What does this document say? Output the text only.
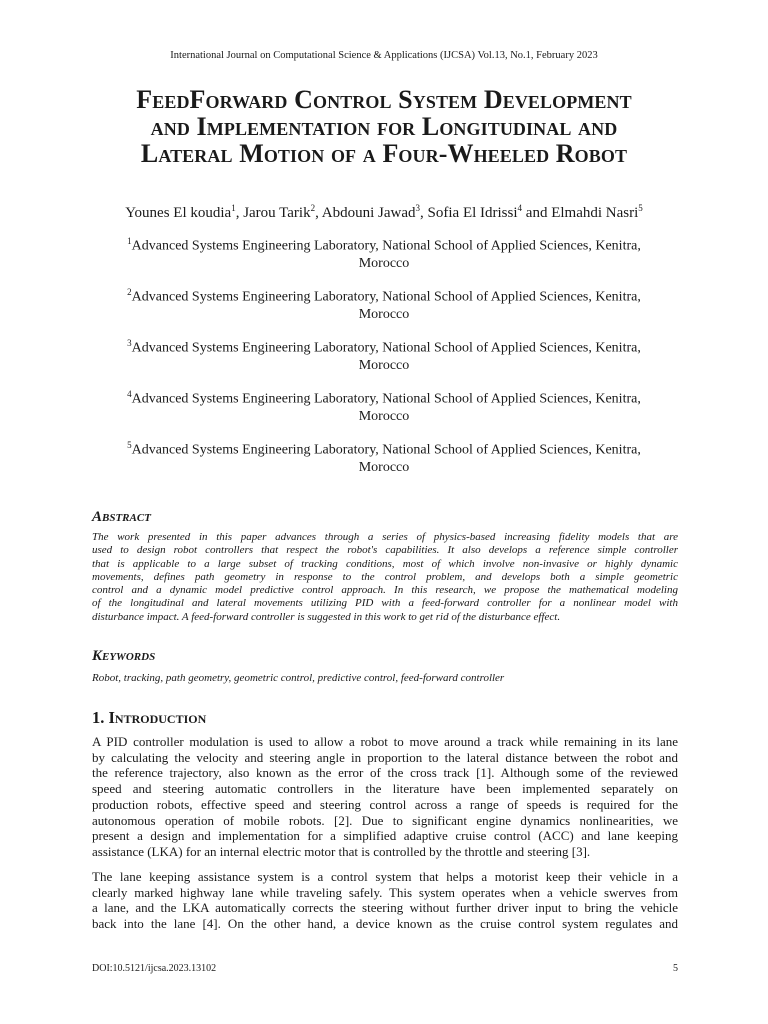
International Journal on Computational Science & Applications (IJCSA) Vol.13, No.1, February 2023
FeedForward Control System Development
and Implementation for Longitudinal and
Lateral Motion of a Four-Wheeled Robot
Younes El koudia$^1$, Jarou Tarik$^2$, Abdouni Jawad$^3$, Sofia El Idrissi$^4$ and Elmahdi Nasri$^5$
$^1$Advanced Systems Engineering Laboratory, National School of Applied Sciences, Kenitra,
Morocco
$^2$Advanced Systems Engineering Laboratory, National School of Applied Sciences, Kenitra,
Morocco
$^3$Advanced Systems Engineering Laboratory, National School of Applied Sciences, Kenitra,
Morocco
$^4$Advanced Systems Engineering Laboratory, National School of Applied Sciences, Kenitra,
Morocco
$^5$Advanced Systems Engineering Laboratory, National School of Applied Sciences, Kenitra,
Morocco
Abstract
The work presented in this paper advances through a series of physics-based increasing fidelity models that are
used to design robot controllers that respect the robot's capabilities. It also develops a reference simple controller
that is applicable to a large subset of tracking conditions, most of which involve non-invasive or highly dynamic
movements, defines path geometry in response to the control problem, and develops both a simple geometric
control and a dynamic model predictive control approach. In this research, we propose the mathematical modeling
of the longitudinal and lateral movements utilizing PID with a feed-forward controller for a nonlinear model with
disturbance impact. A feed-forward controller is suggested in this work to get rid of the disturbance effect.
Keywords
Robot, tracking, path geometry, geometric control, predictive control, feed-forward controller
1. Introduction
A PID controller modulation is used to allow a robot to move around a track while remaining in its lane
by calculating the velocity and steering angle in proportion to the lateral distance between the robot and
the reference trajectory, also known as the error of the cross track [1]. Although some of the reviewed
speed and steering automatic controllers in the literature have been implemented separately on
production robots, effective speed and steering control across a range of speeds is required for the
autonomous operation of mobile robots. [2]. Due to significant engine dynamics nonlinearities, we
present a design and implementation for a simplified adaptive cruise control (ACC) and lane keeping
assistance (LKA) for an internal electric motor that is controlled by the throttle and steering [3].
The lane keeping assistance system is a control system that helps a motorist keep their vehicle in a
clearly marked highway lane while traveling safely. This system operates when a vehicle swerves from
a lane, and the LKA automatically corrects the steering without further driver input to bring the vehicle
back into the lane [4]. On the other hand, a device known as the cruise control system regulates and
DOI:10.5121/ijcsa.2023.13102	5
